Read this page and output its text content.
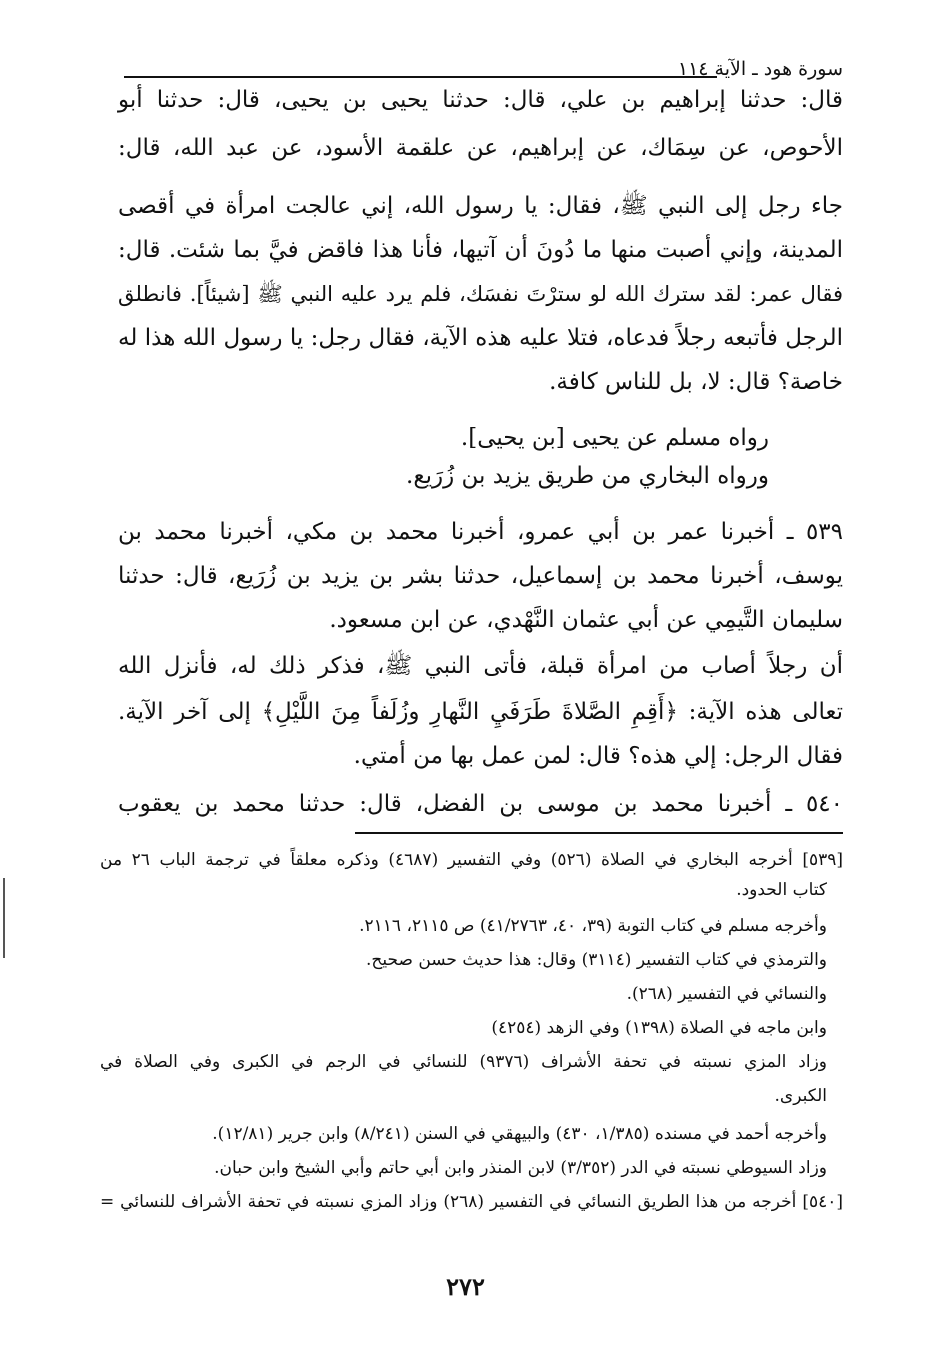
سورة هود ـ الآية ١١٤
قال: حدثنا إبراهيم بن علي، قال: حدثنا يحيى بن يحيى، قال: حدثنا أبو
الأحوص، عن سِمَاك، عن إبراهيم، عن علقمة الأسود، عن عبد الله، قال:
جاء رجل إلى النبي ﷺ، فقال: يا رسول الله، إني عالجت امرأة في أقصى
المدينة، وإني أصبت منها ما دُونَ أن آتيها، فأنا هذا فاقض فيَّ بما شئت. قال:
فقال عمر: لقد سترك الله لو سترْتَ نفسَك، فلم يرد عليه النبي ﷺ [شيئاً]. فانطلق
الرجل فأتبعه رجلاً فدعاه، فتلا عليه هذه الآية، فقال رجل: يا رسول الله هذا له
خاصة؟ قال: لا، بل للناس كافة.
رواه مسلم عن يحيى [بن يحيى].
ورواه البخاري من طريق يزيد بن زُرَيع.
٥٣٩ ـ أخبرنا عمر بن أبي عمرو، أخبرنا محمد بن مكي، أخبرنا محمد بن
يوسف، أخبرنا محمد بن إسماعيل، حدثنا بشر بن يزيد بن زُرَيع، قال: حدثنا
سليمان التَّيمِي عن أبي عثمان النَّهْدي، عن ابن مسعود.
أن رجلاً أصاب من امرأة قبلة، فأتى النبي ﷺ، فذكر ذلك له، فأنزل الله
تعالى هذه الآية: ﴿أَقِمِ الصَّلاةَ طَرَفَيِ النَّهارِ وزُلَفاً مِنَ اللَّيْلِ﴾ إلى آخر الآية.
فقال الرجل: إلي هذه؟ قال: لمن عمل بها من أمتي.
٥٤٠ ـ أخبرنا محمد بن موسى بن الفضل، قال: حدثنا محمد بن يعقوب
[٥٣٩] أخرجه البخاري في الصلاة (٥٢٦) وفي التفسير (٤٦٨٧) وذكره معلقاً في ترجمة الباب ٢٦ من
كتاب الحدود.
وأخرجه مسلم في كتاب التوبة (٣٩، ٤٠، ٤١/٢٧٦٣) ص ٢١١٥، ٢١١٦.
والترمذي في كتاب التفسير (٣١١٤) وقال: هذا حديث حسن صحيح.
والنسائي في التفسير (٢٦٨).
وابن ماجه في الصلاة (١٣٩٨) وفي الزهد (٤٢٥٤)
وزاد المزي نسبته في تحفة الأشراف (٩٣٧٦) للنسائي في الرجم في الكبرى وفي الصلاة في
الكبرى.
وأخرجه أحمد في مسنده (١/٣٨٥، ٤٣٠) والبيهقي في السنن (٨/٢٤١) وابن جرير (١٢/٨١).
وزاد السيوطي نسبته في الدر (٣/٣٥٢) لابن المنذر وابن أبي حاتم وأبي الشيخ وابن حبان.
[٥٤٠] أخرجه من هذا الطريق النسائي في التفسير (٢٦٨) وزاد المزي نسبته في تحفة الأشراف للنسائي =
٢٧٢
